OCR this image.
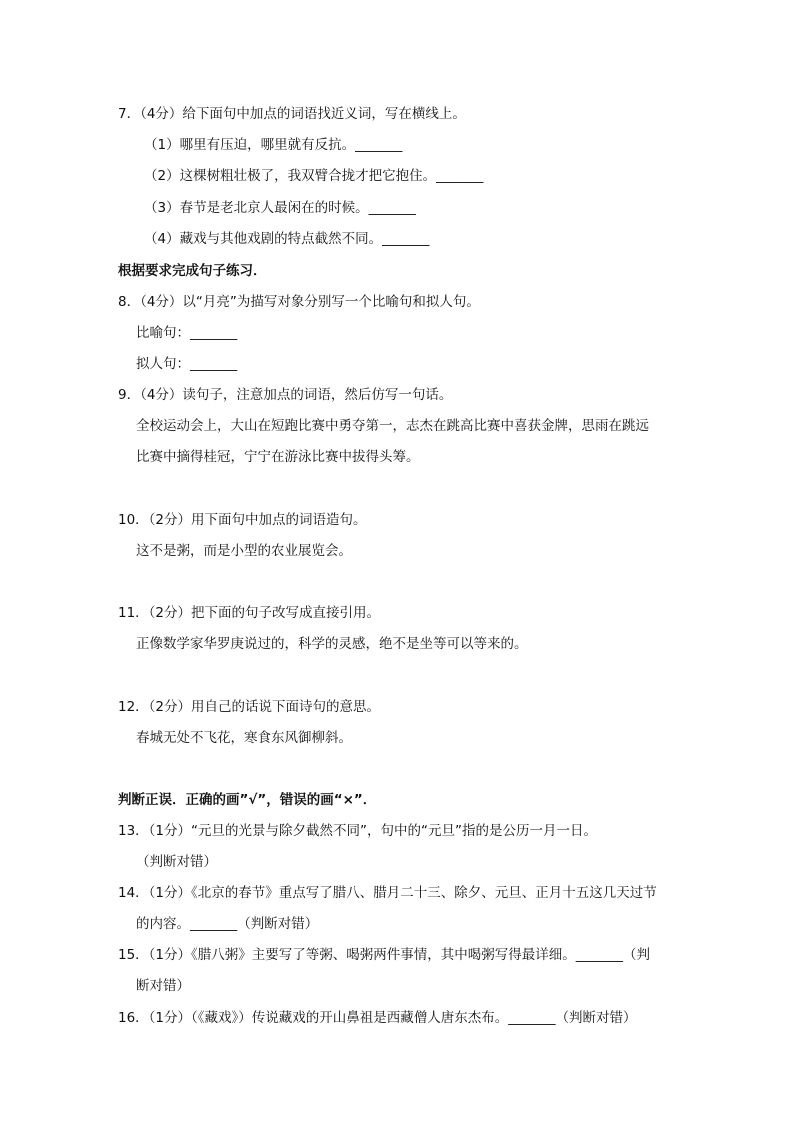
7．（4分）给下面句中加点的词语找近义词，写在横线上。
（1）哪里有压迫，哪里就有反抗。_______
（2）这棵树粗壮极了，我双臂合拢才把它抱住。_______
（3）春节是老北京人最闲在的时候。_______
（4）藏戏与其他戏剧的特点截然不同。_______
根据要求完成句子练习．
8．（4分）以“月亮”为描写对象分别写一个比喻句和拟人句。
比喻句：_______
拟人句：_______
9．（4分）读句子，注意加点的词语，然后仿写一句话。
全校运动会上，大山在短跑比赛中勇夺第一，志杰在跳高比赛中喜获金牌，思雨在跳远
比赛中摘得桂冠，宁宁在游泳比赛中拔得头筹。
10．（2分）用下面句中加点的词语造句。
这不是粥，而是小型的农业展览会。
11．（2分）把下面的句子改写成直接引用。
正像数学家华罗庚说过的，科学的灵感，绝不是坐等可以等来的。
12．（2分）用自己的话说下面诗句的意思。
春城无处不飞花，寒食东风御柳斜。
判断正误．正确的画”√”，错误的画“×”．
13．（1分）“元旦的光景与除夕截然不同”，句中的“元旦”指的是公历一月一日。
（判断对错）
14．（1分）《北京的春节》重点写了腊八、腊月二十三、除夕、元旦、正月十五这几天过节
的内容。_______（判断对错）
15．（1分）《腊八粥》主要写了等粥、喝粥两件事情，其中喝粥写得最详细。_______（判
断对错）
16．（1分）（《藏戏》）传说藏戏的开山鼻祖是西藏僧人唐东杰布。_______（判断对错）
